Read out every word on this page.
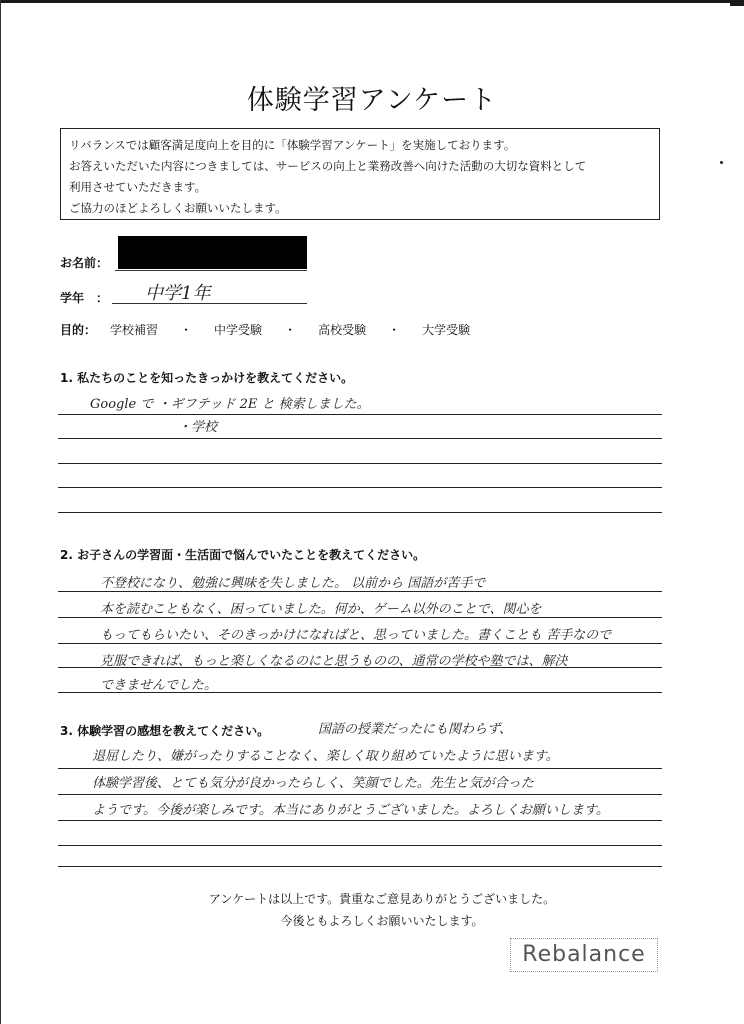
体験学習アンケート
リバランスでは顧客満足度向上を目的に「体験学習アンケート」を実施しております。
お答えいただいた内容につきましては、サービスの向上と業務改善へ向けた活動の大切な資料として
利用させていただきます。
ご協力のほどよろしくお願いいたします。
お名前：
学年　： 中学1年
目的： 学校補習 ・ 中学受験 ・ 高校受験 ・ 大学受験
1. 私たちのことを知ったきっかけを教えてください。
Google で ・ギフテッド 2E と 検索しました。
・学校
2. お子さんの学習面・生活面で悩んでいたことを教えてください。
不登校になり、勉強に興味を失しました。 以前から 国語が苦手で
本を読むこともなく、困っていました。何か、ゲーム以外のことで、関心を
もってもらいたい、そのきっかけになればと、思っていました。書くことも 苦手なので
克服できれば、もっと楽しくなるのにと思うものの、通常の学校や塾では、解決
できませんでした。
3. 体験学習の感想を教えてください。	国語の授業だったにも関わらず、
退屈したり、嫌がったりすることなく、楽しく取り組めていたように思います。
体験学習後、とても気分が良かったらしく、笑顔でした。先生と気が合った
ようです。今後が楽しみです。本当にありがとうございました。よろしくお願いします。
アンケートは以上です。貴重なご意見ありがとうございました。
今後ともよろしくお願いいたします。
Rebalance
